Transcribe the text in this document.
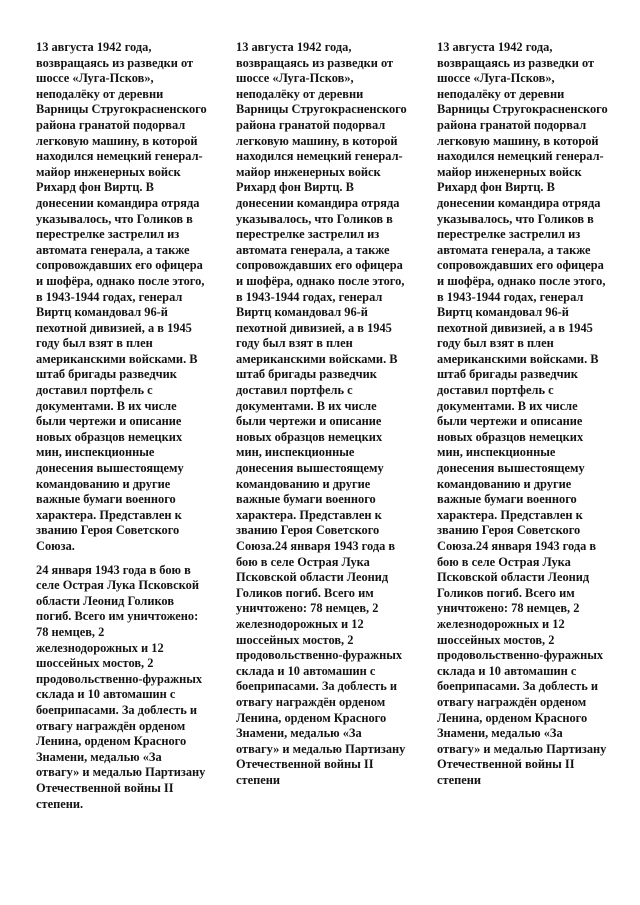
13 августа 1942 года, возвращаясь из разведки от шоссе «Луга-Псков», неподалёку от деревни Варницы Стругокрасненского района гранатой подорвал легковую машину, в которой находился немецкий генерал-майор инженерных войск Рихард фон Виртц. В донесении командира отряда указывалось, что Голиков в перестрелке застрелил из автомата генерала, а также сопровождавших его офицера и шофёра, однако после этого, в 1943-1944 годах, генерал Виртц командовал 96-й пехотной дивизией, а в 1945 году был взят в плен американскими войсками. В штаб бригады разведчик доставил портфель с документами. В их числе были чертежи и описание новых образцов немецких мин, инспекционные донесения вышестоящему командованию и другие важные бумаги военного характера. Представлен к званию Героя Советского Союза.

24 января 1943 года в бою в селе Острая Лука Псковской области Леонид Голиков погиб. Всего им уничтожено: 78 немцев, 2 железнодорожных и 12 шоссейных мостов, 2 продовольственно-фуражных склада и 10 автомашин с боеприпасами. За доблесть и отвагу награждён орденом Ленина, орденом Красного Знамени, медалью «За отвагу» и медалью Партизану Отечественной войны II степени.

13 августа 1942 года, возвращаясь из разведки от шоссе «Луга-Псков», неподалёку от деревни Варницы Стругокрасненского района гранатой подорвал легковую машину, в которой находился немецкий генерал-майор инженерных войск Рихард фон Виртц. В донесении командира отряда указывалось, что Голиков в перестрелке застрелил из автомата генерала, а также сопровождавших его офицера и шофёра, однако после этого, в 1943-1944 годах, генерал Виртц командовал 96-й пехотной дивизией, а в 1945 году был взят в плен американскими войсками. В штаб бригады разведчик доставил портфель с документами. В их числе были чертежи и описание новых образцов немецких мин, инспекционные донесения вышестоящему командованию и другие важные бумаги военного характера. Представлен к званию Героя Советского Союза.24 января 1943 года в бою в селе Острая Лука Псковской области Леонид Голиков погиб. Всего им уничтожено: 78 немцев, 2 железнодорожных и 12 шоссейных мостов, 2 продовольственно-фуражных склада и 10 автомашин с боеприпасами. За доблесть и отвагу награждён орденом Ленина, орденом Красного Знамени, медалью «За отвагу» и медалью Партизану Отечественной войны II степени

13 августа 1942 года, возвращаясь из разведки от шоссе «Луга-Псков», неподалёку от деревни Варницы Стругокрасненского района гранатой подорвал легковую машину, в которой находился немецкий генерал-майор инженерных войск Рихард фон Виртц. В донесении командира отряда указывалось, что Голиков в перестрелке застрелил из автомата генерала, а также сопровождавших его офицера и шофёра, однако после этого, в 1943-1944 годах, генерал Виртц командовал 96-й пехотной дивизией, а в 1945 году был взят в плен американскими войсками. В штаб бригады разведчик доставил портфель с документами. В их числе были чертежи и описание новых образцов немецких мин, инспекционные донесения вышестоящему командованию и другие важные бумаги военного характера. Представлен к званию Героя Советского Союза.24 января 1943 года в бою в селе Острая Лука Псковской области Леонид Голиков погиб. Всего им уничтожено: 78 немцев, 2 железнодорожных и 12 шоссейных мостов, 2 продовольственно-фуражных склада и 10 автомашин с боеприпасами. За доблесть и отвагу награждён орденом Ленина, орденом Красного Знамени, медалью «За отвагу» и медалью Партизану Отечественной войны II степени
